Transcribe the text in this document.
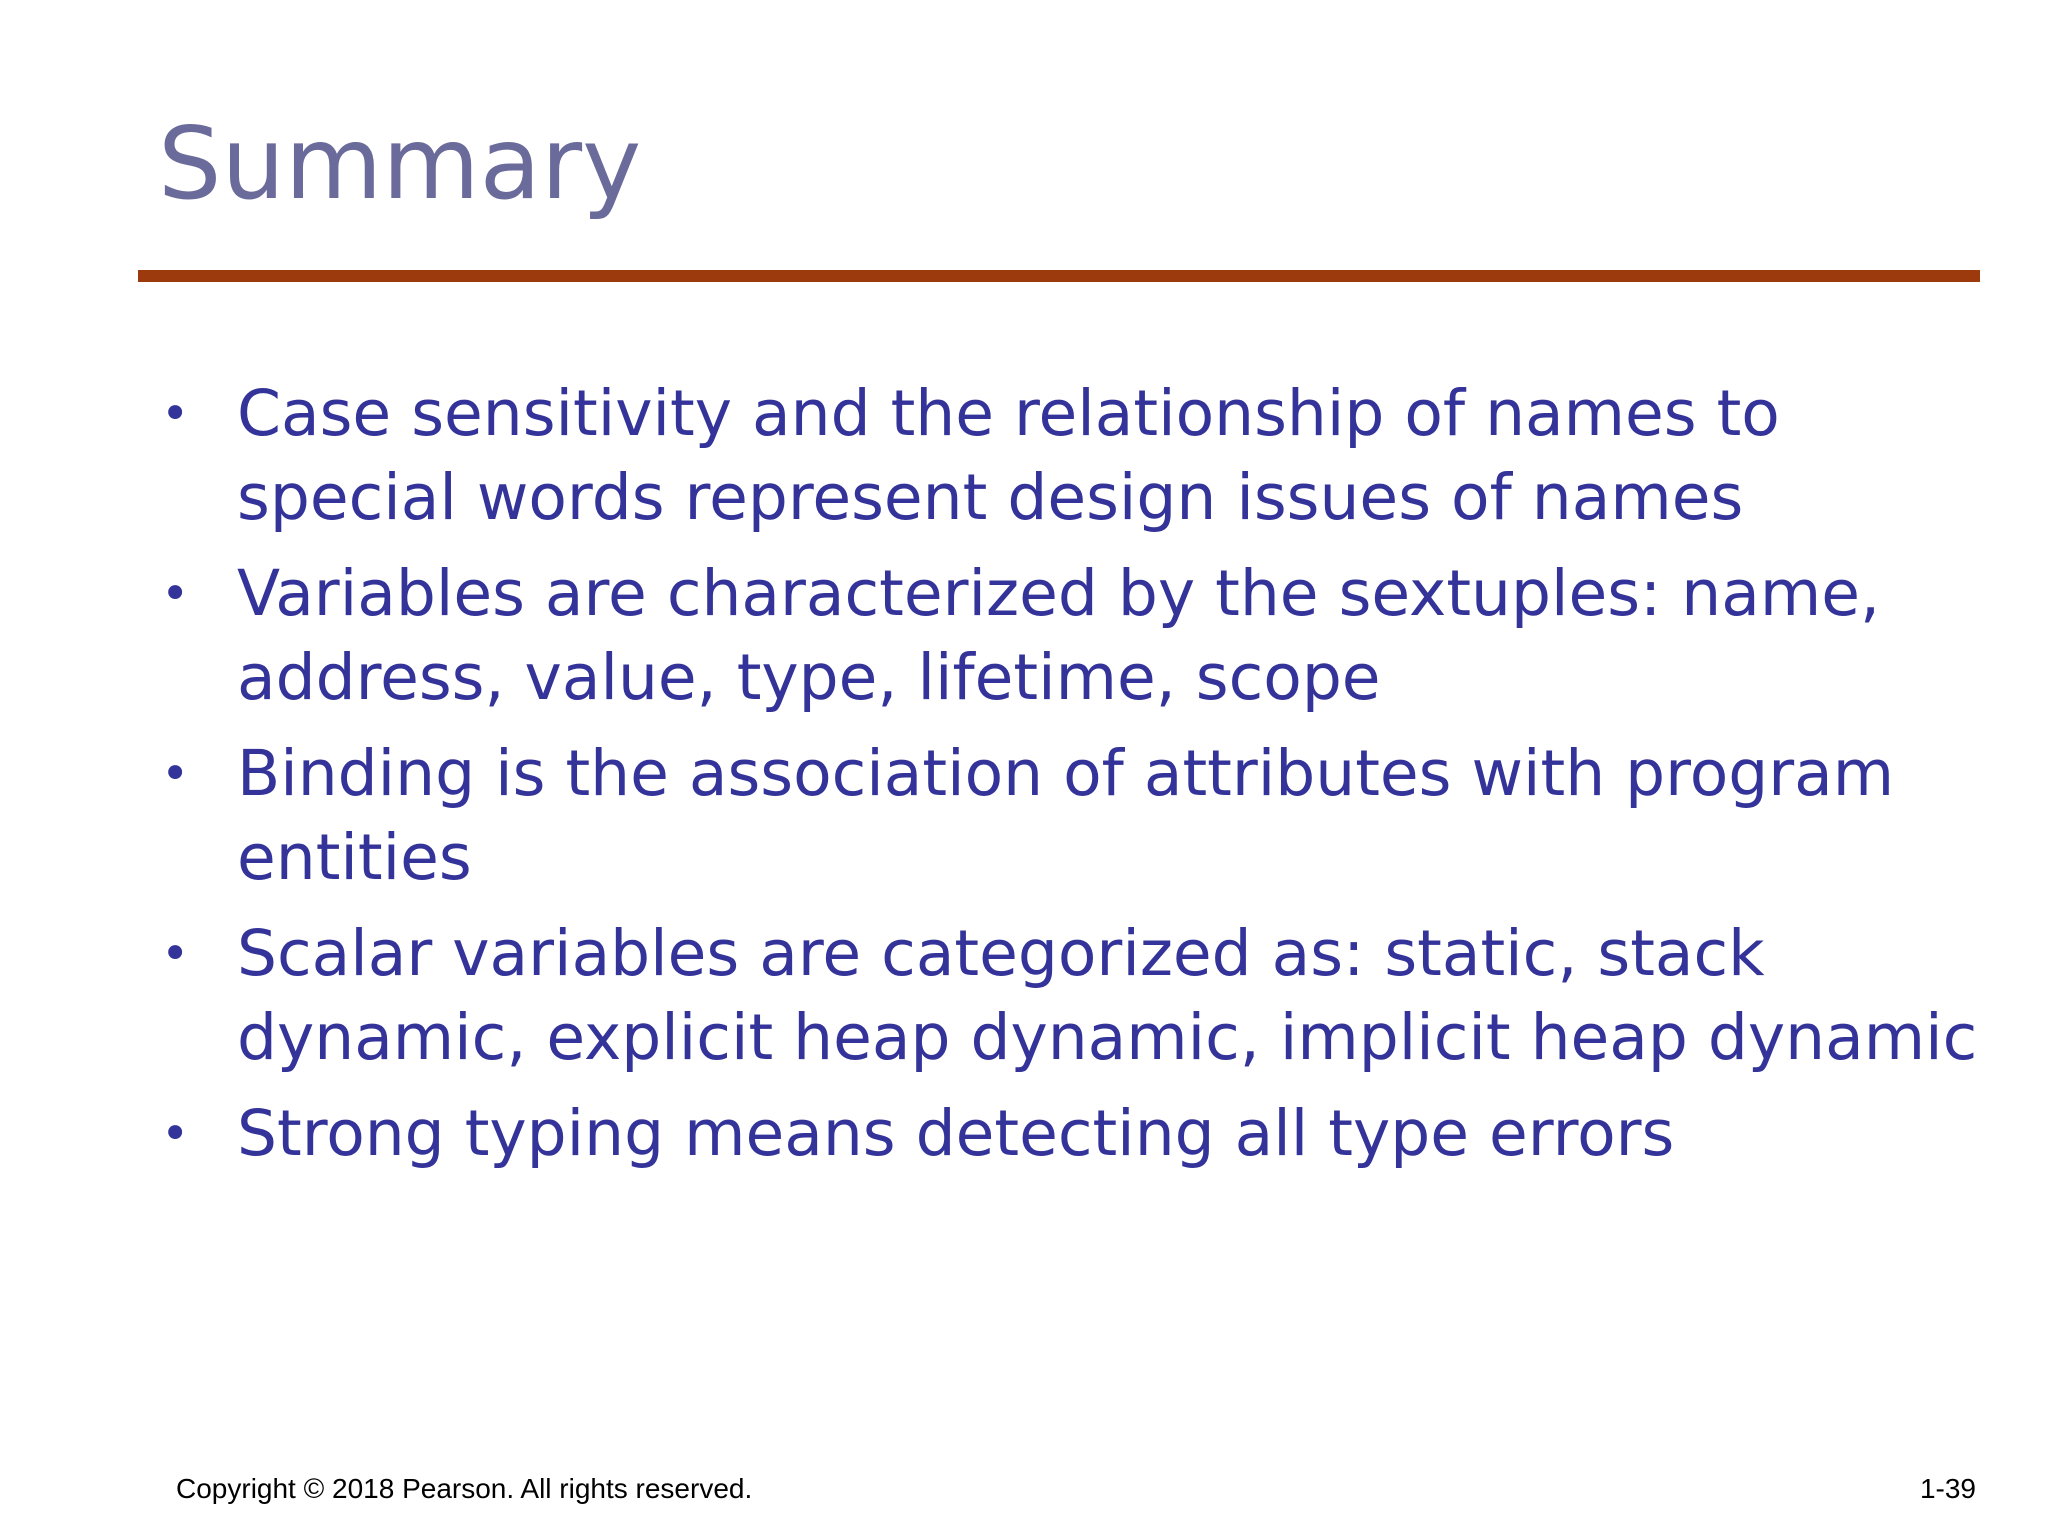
Summary
• Case sensitivity and the relationship of names to special words represent design issues of names
• Variables are characterized by the sextuples: name, address, value, type, lifetime, scope
• Binding is the association of attributes with program entities
• Scalar variables are categorized as: static, stack dynamic, explicit heap dynamic, implicit heap dynamic
• Strong typing means detecting all type errors
Copyright © 2018 Pearson. All rights reserved.	1-39
